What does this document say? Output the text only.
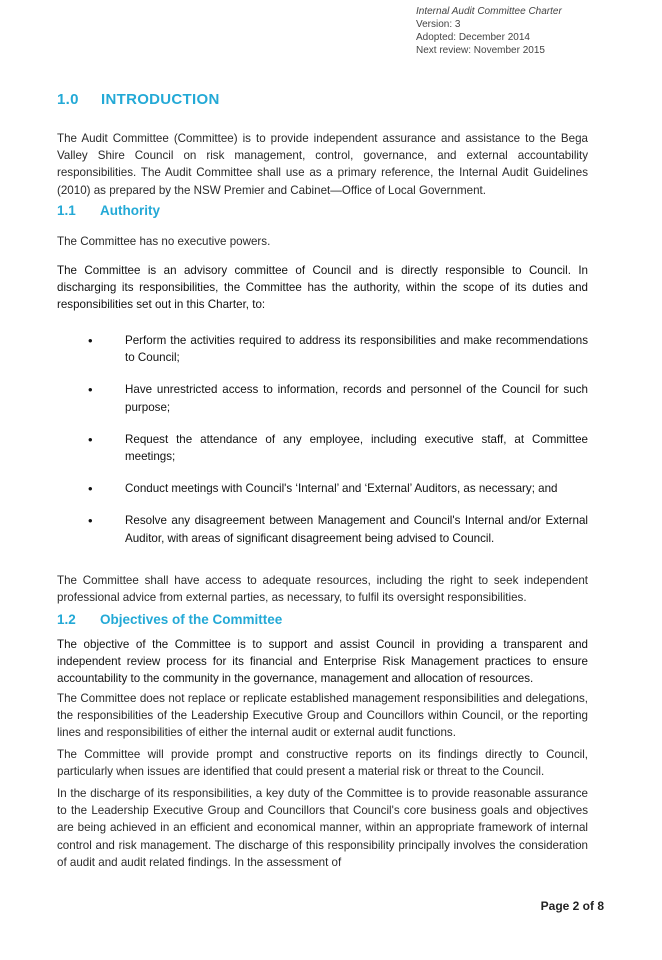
Internal Audit Committee Charter
Version: 3
Adopted: December 2014
Next review: November 2015
1.0 INTRODUCTION
The Audit Committee (Committee) is to provide independent assurance and assistance to the Bega Valley Shire Council on risk management, control, governance, and external accountability responsibilities. The Audit Committee shall use as a primary reference, the Internal Audit Guidelines (2010) as prepared by the NSW Premier and Cabinet—Office of Local Government.
1.1 Authority
The Committee has no executive powers.
The Committee is an advisory committee of Council and is directly responsible to Council. In discharging its responsibilities, the Committee has the authority, within the scope of its duties and responsibilities set out in this Charter, to:
•	Perform the activities required to address its responsibilities and make recommendations to Council;
•	Have unrestricted access to information, records and personnel of the Council for such purpose;
•	Request the attendance of any employee, including executive staff, at Committee meetings;
•	Conduct meetings with Council's ‘Internal’ and ‘External’ Auditors, as necessary; and
•	Resolve any disagreement between Management and Council's Internal and/or External Auditor, with areas of significant disagreement being advised to Council.
The Committee shall have access to adequate resources, including the right to seek independent professional advice from external parties, as necessary, to fulfil its oversight responsibilities.
1.2 Objectives of the Committee
The objective of the Committee is to support and assist Council in providing a transparent and independent review process for its financial and Enterprise Risk Management practices to ensure accountability to the community in the governance, management and allocation of resources.
The Committee does not replace or replicate established management responsibilities and delegations, the responsibilities of the Leadership Executive Group and Councillors within Council, or the reporting lines and responsibilities of either the internal audit or external audit functions.
The Committee will provide prompt and constructive reports on its findings directly to Council, particularly when issues are identified that could present a material risk or threat to the Council.
In the discharge of its responsibilities, a key duty of the Committee is to provide reasonable assurance to the Leadership Executive Group and Councillors that Council's core business goals and objectives are being achieved in an efficient and economical manner, within an appropriate framework of internal control and risk management. The discharge of this responsibility principally involves the consideration of audit and audit related findings. In the assessment of
Page 2 of 8
